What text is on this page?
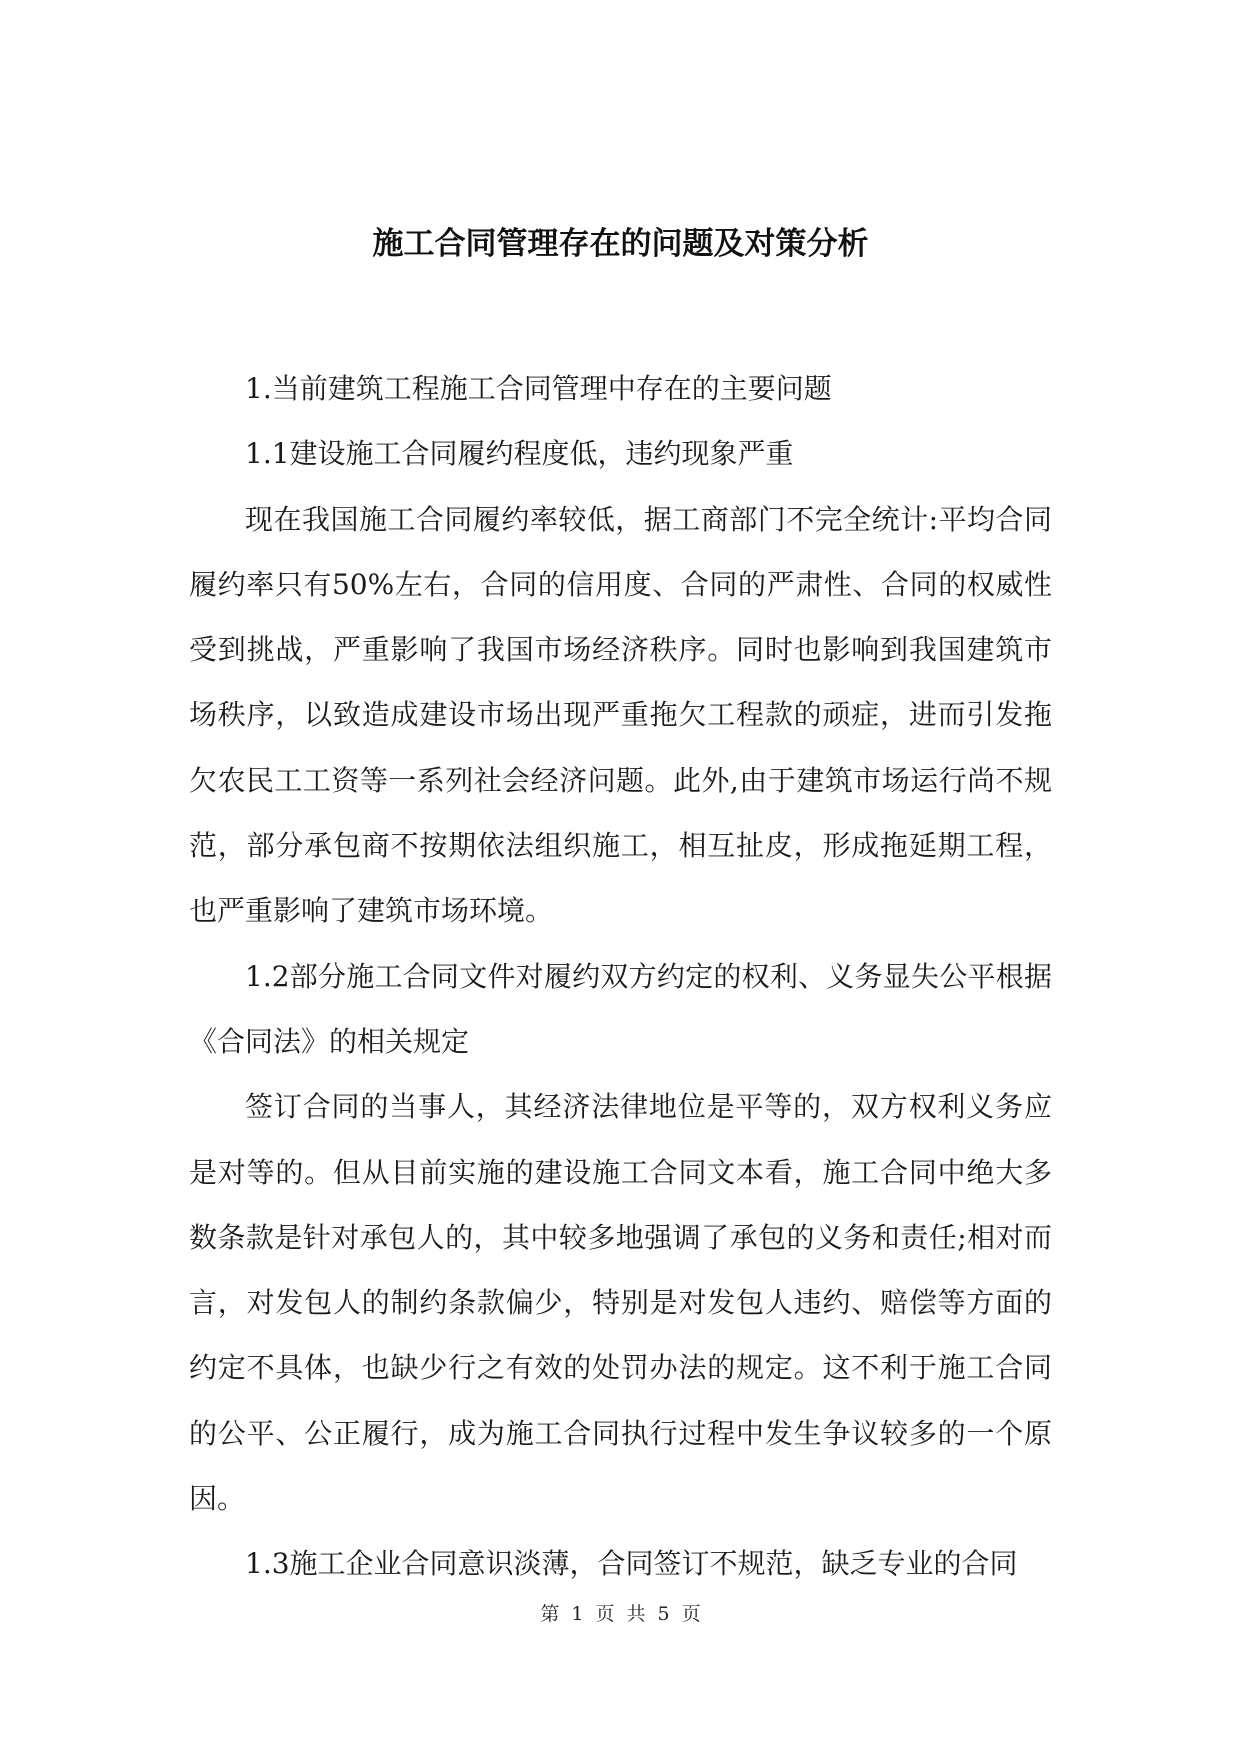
施工合同管理存在的问题及对策分析

1.当前建筑工程施工合同管理中存在的主要问题

1.1建设施工合同履约程度低，违约现象严重

现在我国施工合同履约率较低，据工商部门不完全统计:平均合同履约率只有50%左右，合同的信用度、合同的严肃性、合同的权威性受到挑战，严重影响了我国市场经济秩序。同时也影响到我国建筑市场秩序，以致造成建设市场出现严重拖欠工程款的顽症，进而引发拖欠农民工工资等一系列社会经济问题。此外,由于建筑市场运行尚不规范，部分承包商不按期依法组织施工，相互扯皮，形成拖延期工程，也严重影响了建筑市场环境。

1.2部分施工合同文件对履约双方约定的权利、义务显失公平根据《合同法》的相关规定

签订合同的当事人，其经济法律地位是平等的，双方权利义务应是对等的。但从目前实施的建设施工合同文本看，施工合同中绝大多数条款是针对承包人的，其中较多地强调了承包的义务和责任;相对而言，对发包人的制约条款偏少，特别是对发包人违约、赔偿等方面的约定不具体，也缺少行之有效的处罚办法的规定。这不利于施工合同的公平、公正履行，成为施工合同执行过程中发生争议较多的一个原因。

1.3施工企业合同意识淡薄，合同签订不规范，缺乏专业的合同

第 1 页 共 5 页
